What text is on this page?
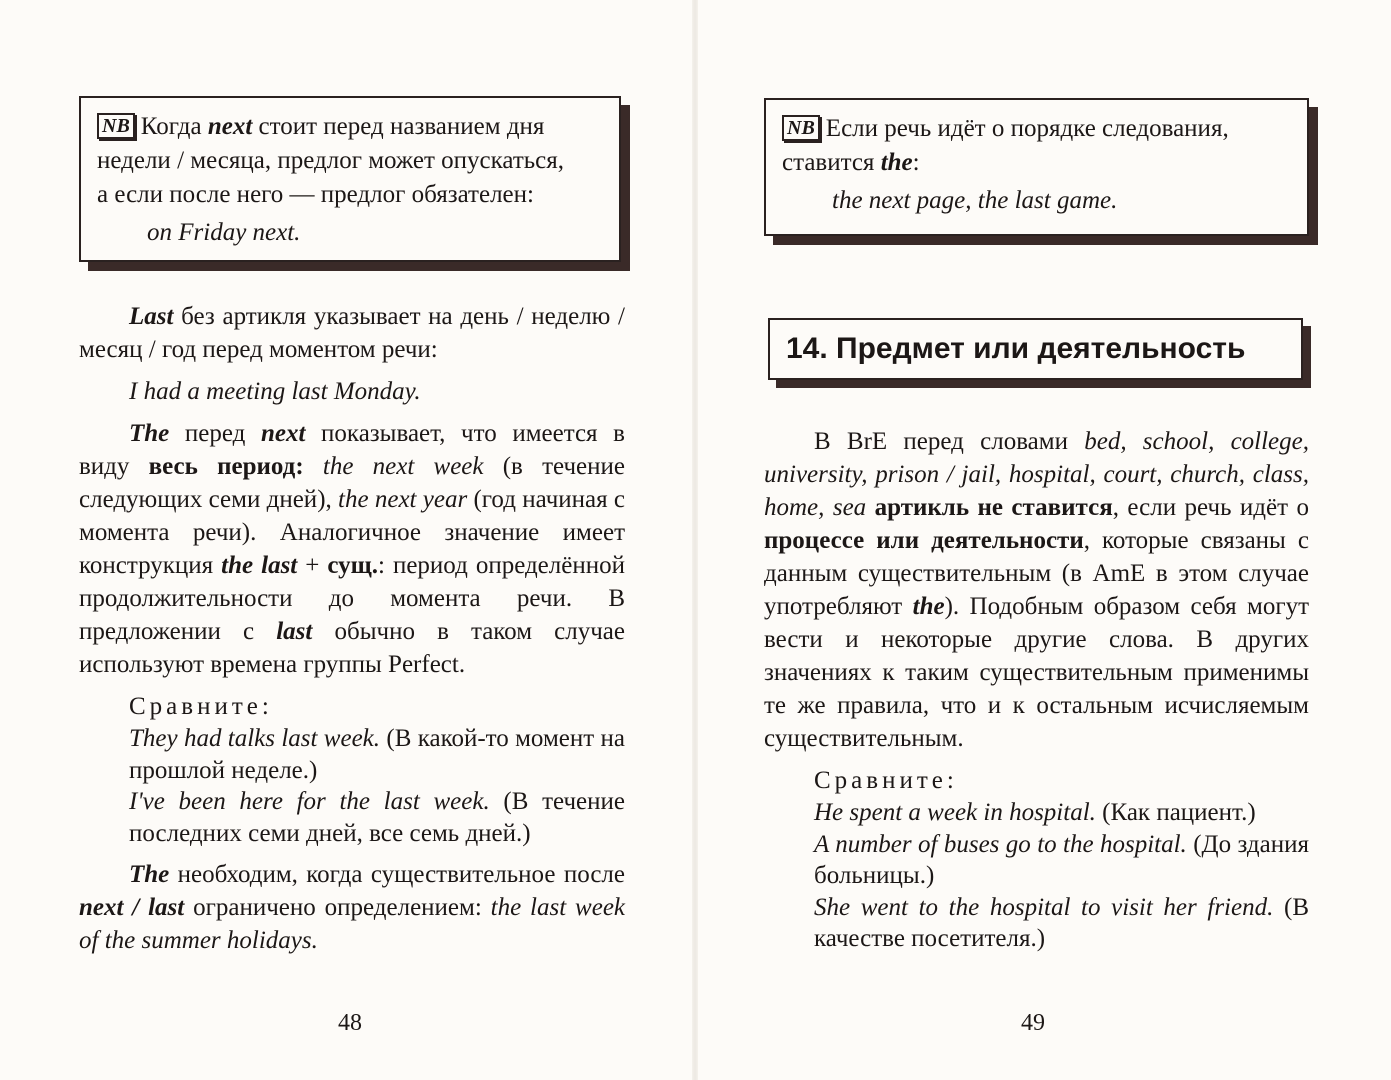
NB Когда next стоит перед названием дня
недели / месяца, предлог может опускаться,
а если после него — предлог обязателен:
on Friday next.

Last без артикля указывает на день / неделю / месяц / год перед моментом речи:

I had a meeting last Monday.

The перед next показывает, что имеется в виду весь период: the next week (в течение следующих семи дней), the next year (год начиная с момента речи). Аналогичное значение имеет конструкция the last + сущ.: период определённой продолжительности до момента речи. В предложении с last обычно в таком случае используют времена группы Perfect.

Сравните:

They had talks last week. (В какой-то момент на прошлой неделе.)

I've been here for the last week. (В течение последних семи дней, все семь дней.)

The необходим, когда существительное после next / last ограничено определением: the last week of the summer holidays.

48
NB Если речь идёт о порядке следования,
ставится the:
the next page, the last game.
14. Предмет или деятельность

В BrE перед словами bed, school, college, university, prison / jail, hospital, court, church, class, home, sea артикль не ставится, если речь идёт о процессе или деятельности, которые связаны с данным существительным (в AmE в этом случае употребляют the). Подобным образом себя могут вести и некоторые другие слова. В других значениях к таким существительным применимы те же правила, что и к остальным исчисляемым существительным.

Сравните:

He spent a week in hospital. (Как пациент.)

A number of buses go to the hospital. (До здания больницы.)

She went to the hospital to visit her friend. (В качестве посетителя.)

49
